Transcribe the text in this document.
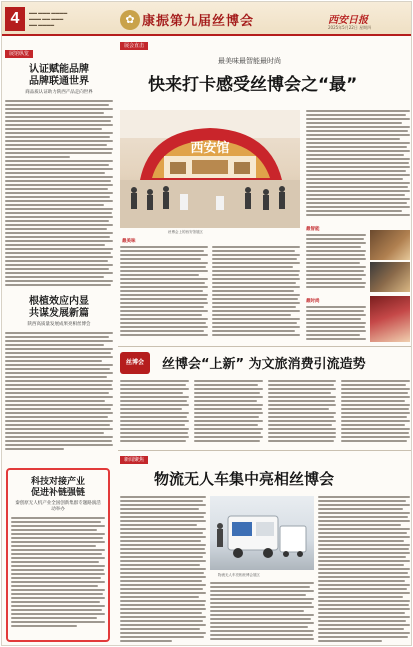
4	▬▬ ▬▬▬ ▬▬▬▬
▬▬▬ ▬▬ ▬▬▬
▬▬ ▬▬▬▬	✿ 康振第九届丝博会	西安日报
2025年5月22日 星期四
展馆纵览
认证赋能品牌
品牌联通世界
商品质认证助力陕西产品走向世界
根植效应内显
共谋发展新篇
陕西高质量发展成果亮相丝博会
科技对接产业
促进补链强链
秦创原无人机产业全国创新集群专题路演活动举办
展会直击
最美味最智能最时尚
快来打卡感受丝博会之“最”
西安馆
丝博会上的西安馆展区
最美味
最智能
最时尚
丝博会	丝博会“上新” 为文旅消费引流造势
新闻聚焦
物流无人车集中亮相丝博会
物流无人车亮相丝博会展区
